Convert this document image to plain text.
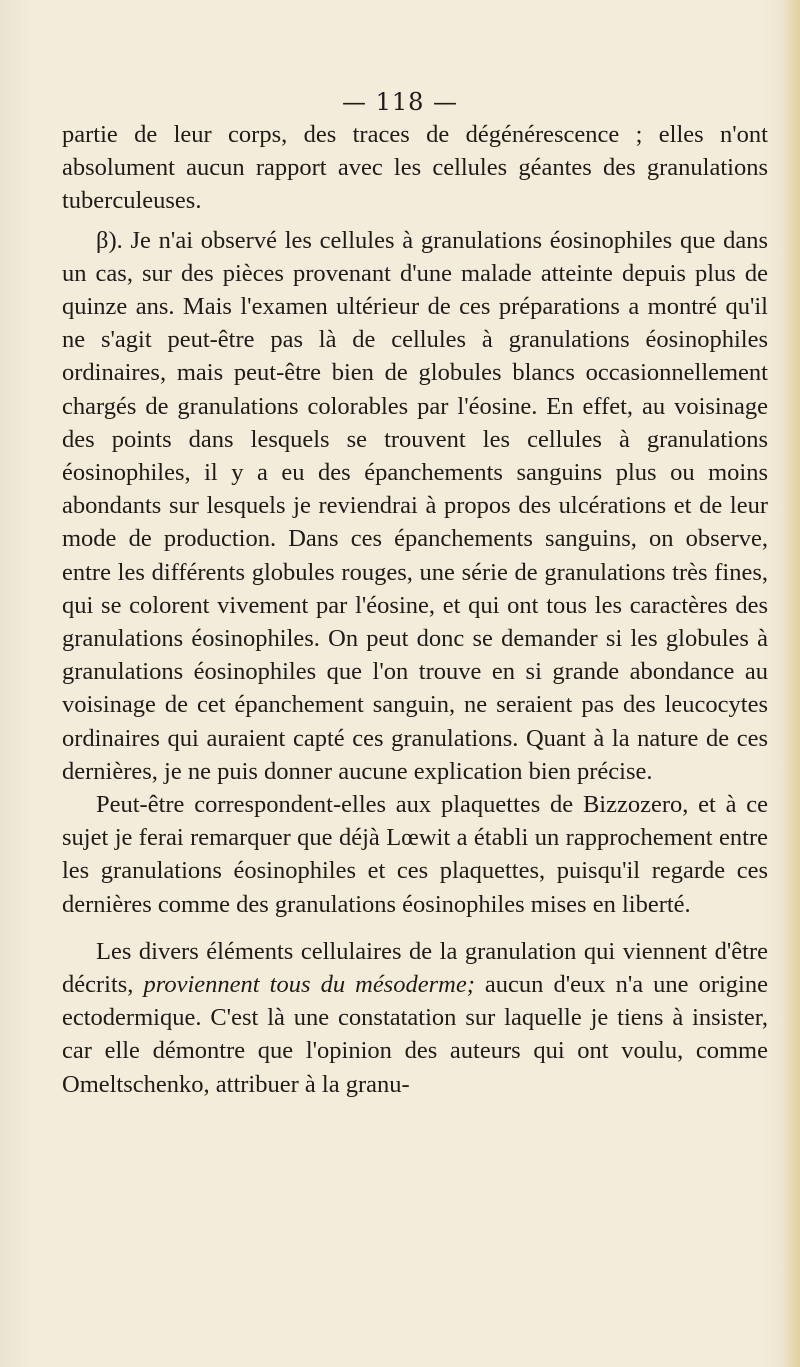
— 118 —

partie de leur corps, des traces de dégénérescence ; elles n'ont absolument aucun rapport avec les cellules géantes des granulations tuberculeuses.

β). Je n'ai observé les cellules à granulations éosinophiles que dans un cas, sur des pièces provenant d'une malade atteinte depuis plus de quinze ans. Mais l'examen ultérieur de ces préparations a montré qu'il ne s'agit peut-être pas là de cellules à granulations éosinophiles ordinaires, mais peut-être bien de globules blancs occasionnellement chargés de granulations colorables par l'éosine. En effet, au voisinage des points dans lesquels se trouvent les cellules à granulations éosinophiles, il y a eu des épanchements sanguins plus ou moins abondants sur lesquels je reviendrai à propos des ulcérations et de leur mode de production. Dans ces épanchements sanguins, on observe, entre les différents globules rouges, une série de granulations très fines, qui se colorent vivement par l'éosine, et qui ont tous les caractères des granulations éosinophiles. On peut donc se demander si les globules à granulations éosinophiles que l'on trouve en si grande abondance au voisinage de cet épanchement sanguin, ne seraient pas des leucocytes ordinaires qui auraient capté ces granulations. Quant à la nature de ces dernières, je ne puis donner aucune explication bien précise.

Peut-être correspondent-elles aux plaquettes de Bizzozero, et à ce sujet je ferai remarquer que déjà Lœwit a établi un rapprochement entre les granulations éosinophiles et ces plaquettes, puisqu'il regarde ces dernières comme des granulations éosinophiles mises en liberté.

Les divers éléments cellulaires de la granulation qui viennent d'être décrits, proviennent tous du mésoderme; aucun d'eux n'a une origine ectodermique. C'est là une constatation sur laquelle je tiens à insister, car elle démontre que l'opinion des auteurs qui ont voulu, comme Omeltschenko, attribuer à la granu-
